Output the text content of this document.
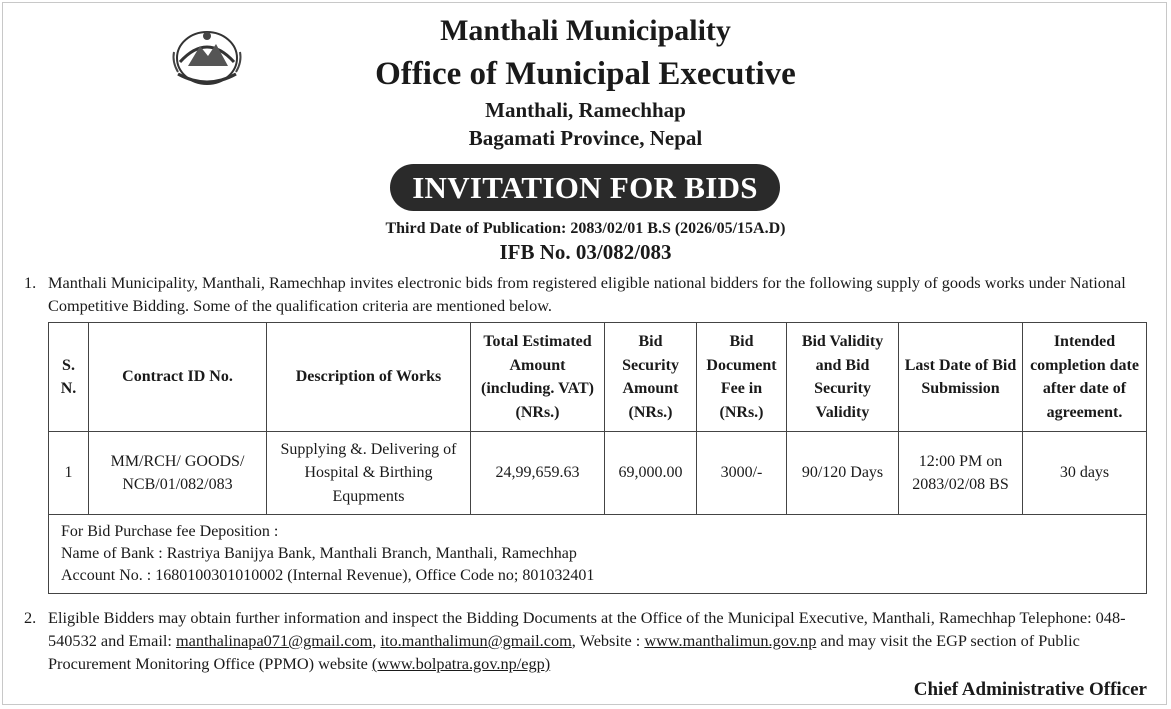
Manthali Municipality
Office of Municipal Executive
Manthali, Ramechhap
Bagamati Province, Nepal
INVITATION FOR BIDS
Third Date of Publication: 2083/02/01 B.S (2026/05/15A.D)
IFB No. 03/082/083
1. Manthali Municipality, Manthali, Ramechhap invites electronic bids from registered eligible national bidders for the following supply of goods works under National Competitive Bidding. Some of the qualification criteria are mentioned below.
S. N.	Contract ID No.	Description of Works	Total Estimated Amount (including. VAT) (NRs.)	Bid Security Amount (NRs.)	Bid Document Fee in (NRs.)	Bid Validity and Bid Security Validity	Last Date of Bid Submission	Intended completion date after date of agreement.
1	MM/RCH/ GOODS/ NCB/01/082/083	Supplying &. Delivering of Hospital & Birthing Equpments	24,99,659.63	69,000.00	3000/-	90/120 Days	12:00 PM on 2083/02/08 BS	30 days

For Bid Purchase fee Deposition :
Name of Bank : Rastriya Banijya Bank, Manthali Branch, Manthali, Ramechhap
Account No. : 1680100301010002 (Internal Revenue), Office Code no; 801032401								
2. Eligible Bidders may obtain further information and inspect the Bidding Documents at the Office of the Municipal Executive, Manthali, Ramechhap Telephone: 048-540532 and Email: manthalinapa071@gmail.com, ito.manthalimun@gmail.com, Website : www.manthalimun.gov.np and may visit the EGP section of Public Procurement Monitoring Office (PPMO) website (www.bolpatra.gov.np/egp)
Chief Administrative Officer
